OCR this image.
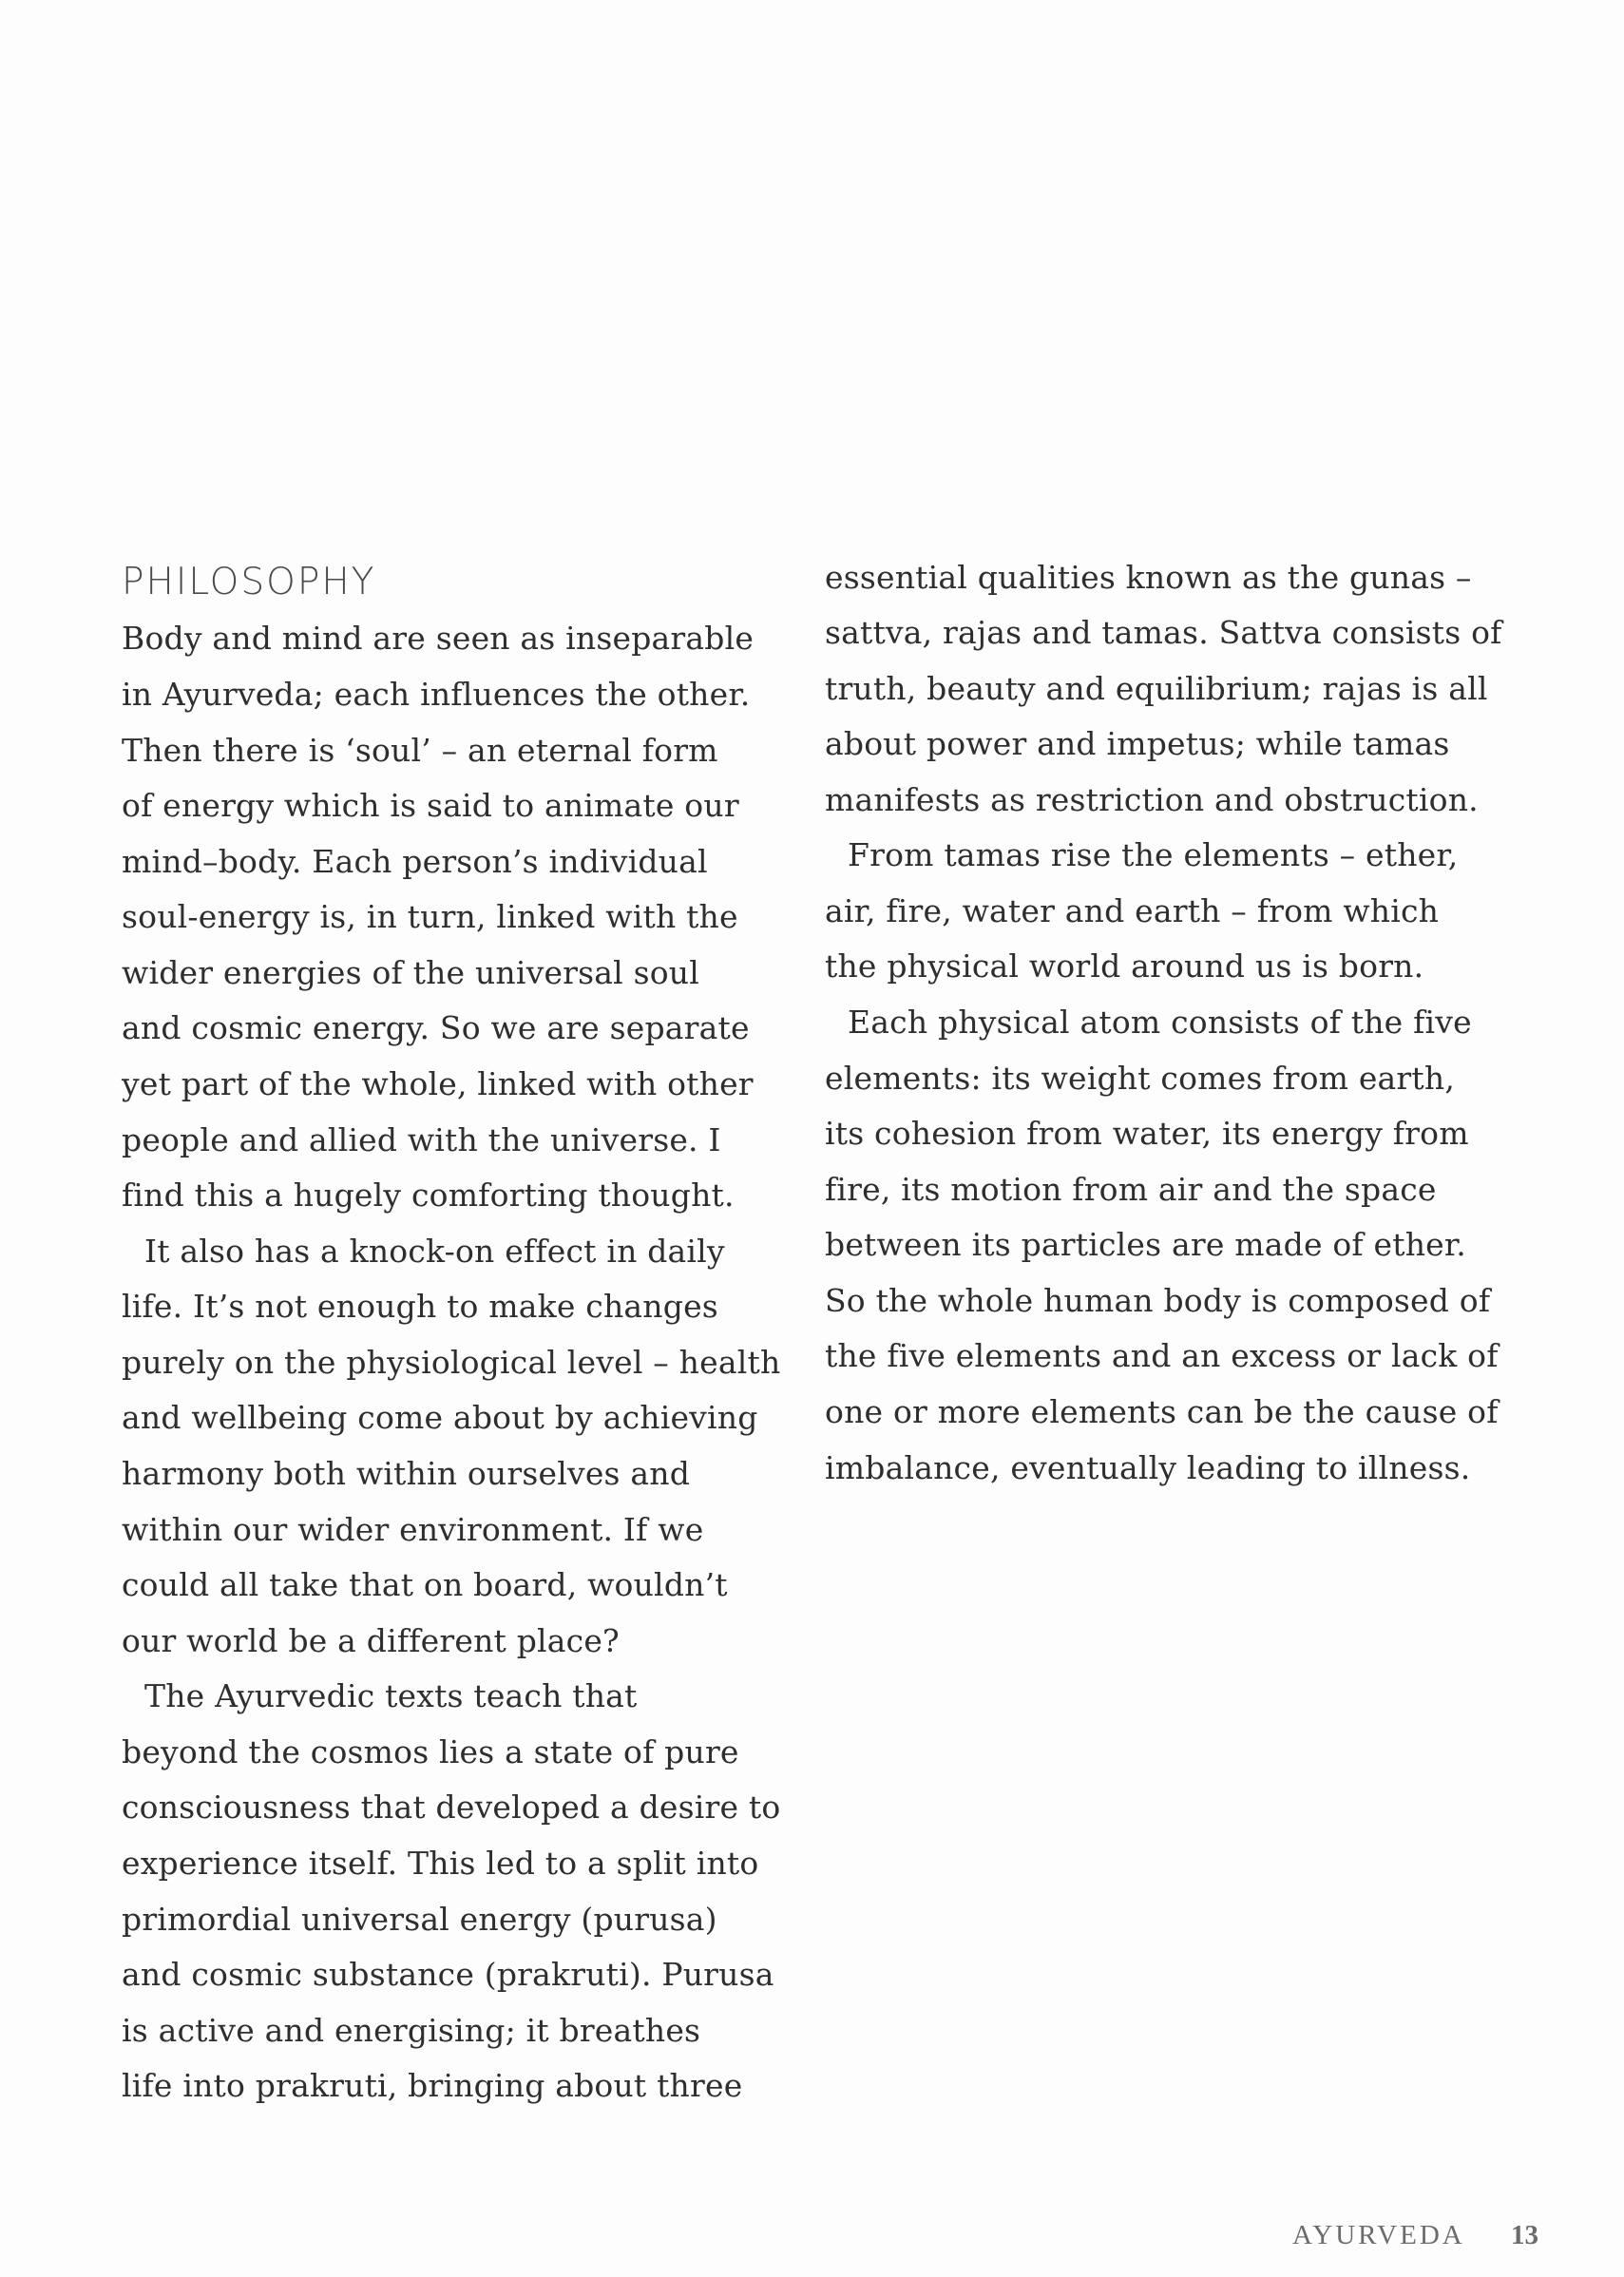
PHILOSOPHY
Body and mind are seen as inseparable
in Ayurveda; each influences the other.
Then there is ‘soul’ – an eternal form
of energy which is said to animate our
mind–body. Each person’s individual
soul-energy is, in turn, linked with the
wider energies of the universal soul
and cosmic energy. So we are separate
yet part of the whole, linked with other
people and allied with the universe. I
find this a hugely comforting thought.
It also has a knock-on effect in daily
life. It’s not enough to make changes
purely on the physiological level – health
and wellbeing come about by achieving
harmony both within ourselves and
within our wider environment. If we
could all take that on board, wouldn’t
our world be a different place?
The Ayurvedic texts teach that
beyond the cosmos lies a state of pure
consciousness that developed a desire to
experience itself. This led to a split into
primordial universal energy (purusa)
and cosmic substance (prakruti). Purusa
is active and energising; it breathes
life into prakruti, bringing about three
essential qualities known as the gunas –
sattva, rajas and tamas. Sattva consists of
truth, beauty and equilibrium; rajas is all
about power and impetus; while tamas
manifests as restriction and obstruction.
From tamas rise the elements – ether,
air, fire, water and earth – from which
the physical world around us is born.
Each physical atom consists of the five
elements: its weight comes from earth,
its cohesion from water, its energy from
fire, its motion from air and the space
between its particles are made of ether.
So the whole human body is composed of
the five elements and an excess or lack of
one or more elements can be the cause of
imbalance, eventually leading to illness.
AYURVEDA 13
